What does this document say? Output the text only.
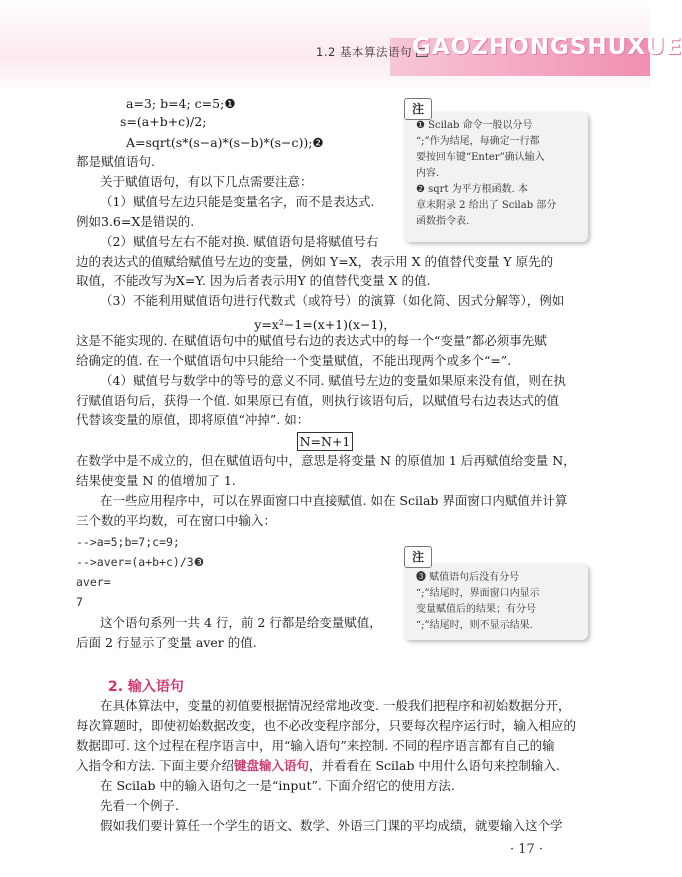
1.2 基本算法语句 GAOZHONGSHUXUE
a=3; b=4; c=5;❶
s=(a+b+c)/2;
A=sqrt(s*(s−a)*(s−b)*(s−c));❷
都是赋值语句.
关于赋值语句，有以下几点需要注意：
（1）赋值号左边只能是变量名字，而不是表达式.
例如3.6=X是错误的.
（2）赋值号左右不能对换. 赋值语句是将赋值号右
边的表达式的值赋给赋值号左边的变量，例如 Y=X，表示用 X 的值替代变量 Y 原先的
取值，不能改写为X=Y. 因为后者表示用Y 的值替代变量 X 的值.
（3）不能利用赋值语句进行代数式（或符号）的演算（如化简、因式分解等），例如
y=x²−1=(x+1)(x−1)，
这是不能实现的. 在赋值语句中的赋值号右边的表达式中的每一个“变量”都必须事先赋
给确定的值. 在一个赋值语句中只能给一个变量赋值，不能出现两个或多个“=”.
（4）赋值号与数学中的等号的意义不同. 赋值号左边的变量如果原来没有值，则在执
行赋值语句后，获得一个值. 如果原已有值，则执行该语句后，以赋值号右边表达式的值
代替该变量的原值，即将原值“冲掉”. 如：
N=N+1
在数学中是不成立的，但在赋值语句中，意思是将变量 N 的原值加 1 后再赋值给变量 N，
结果使变量 N 的值增加了 1.
在一些应用程序中，可以在界面窗口中直接赋值. 如在 Scilab 界面窗口内赋值并计算
三个数的平均数，可在窗口中输入：
-->a=5;b=7;c=9;
-->aver=(a+b+c)/3❸
aver=
7
这个语句系列一共 4 行，前 2 行都是给变量赋值，
后面 2 行显示了变量 aver 的值.
2. 输入语句
在具体算法中，变量的初值要根据情况经常地改变. 一般我们把程序和初始数据分开，
每次算题时，即使初始数据改变，也不必改变程序部分，只要每次程序运行时，输入相应的
数据即可. 这个过程在程序语言中，用“输入语句”来控制. 不同的程序语言都有自己的输
入指令和方法. 下面主要介绍键盘输入语句，并看看在 Scilab 中用什么语句来控制输入.
在 Scilab 中的输入语句之一是“input”. 下面介绍它的使用方法.
先看一个例子.
假如我们要计算任一个学生的语文、数学、外语三门课的平均成绩，就要输入这个学
❶ Scilab 命令一般以分号
“;”作为结尾，每确定一行都
要按回车键“Enter”确认输入
内容.
❷ sqrt 为平方根函数. 本
章末附录 2 给出了 Scilab 部分
函数指令表.
注
❸ 赋值语句后没有分号
“;”结尾时，界面窗口内显示
变量赋值后的结果；有分号
“;”结尾时，则不显示结果.
注
· 17 ·
